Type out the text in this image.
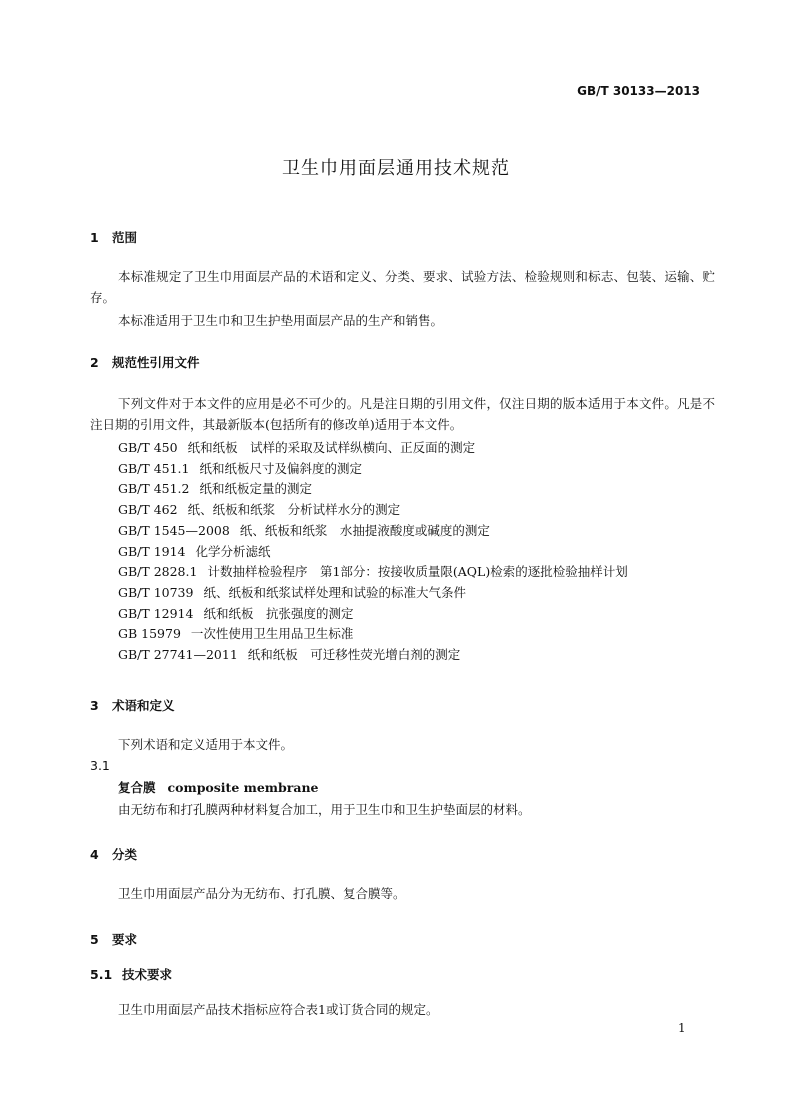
GB/T 30133—2013
卫生巾用面层通用技术规范
1 范围
本标准规定了卫生巾用面层产品的术语和定义、分类、要求、试验方法、检验规则和标志、包装、运输、贮存。
本标准适用于卫生巾和卫生护垫用面层产品的生产和销售。
2 规范性引用文件
下列文件对于本文件的应用是必不可少的。凡是注日期的引用文件，仅注日期的版本适用于本文件。凡是不注日期的引用文件，其最新版本(包括所有的修改单)适用于本文件。
GB/T 450 纸和纸板　试样的采取及试样纵横向、正反面的测定
GB/T 451.1 纸和纸板尺寸及偏斜度的测定
GB/T 451.2 纸和纸板定量的测定
GB/T 462 纸、纸板和纸浆　分析试样水分的测定
GB/T 1545—2008 纸、纸板和纸浆　水抽提液酸度或碱度的测定
GB/T 1914 化学分析滤纸
GB/T 2828.1 计数抽样检验程序　第1部分：按接收质量限(AQL)检索的逐批检验抽样计划
GB/T 10739 纸、纸板和纸浆试样处理和试验的标准大气条件
GB/T 12914 纸和纸板　抗张强度的测定
GB 15979 一次性使用卫生用品卫生标准
GB/T 27741—2011 纸和纸板　可迁移性荧光增白剂的测定
3 术语和定义
下列术语和定义适用于本文件。
3.1
复合膜 composite membrane
由无纺布和打孔膜两种材料复合加工，用于卫生巾和卫生护垫面层的材料。
4 分类
卫生巾用面层产品分为无纺布、打孔膜、复合膜等。
5 要求
5.1 技术要求
卫生巾用面层产品技术指标应符合表1或订货合同的规定。
1
